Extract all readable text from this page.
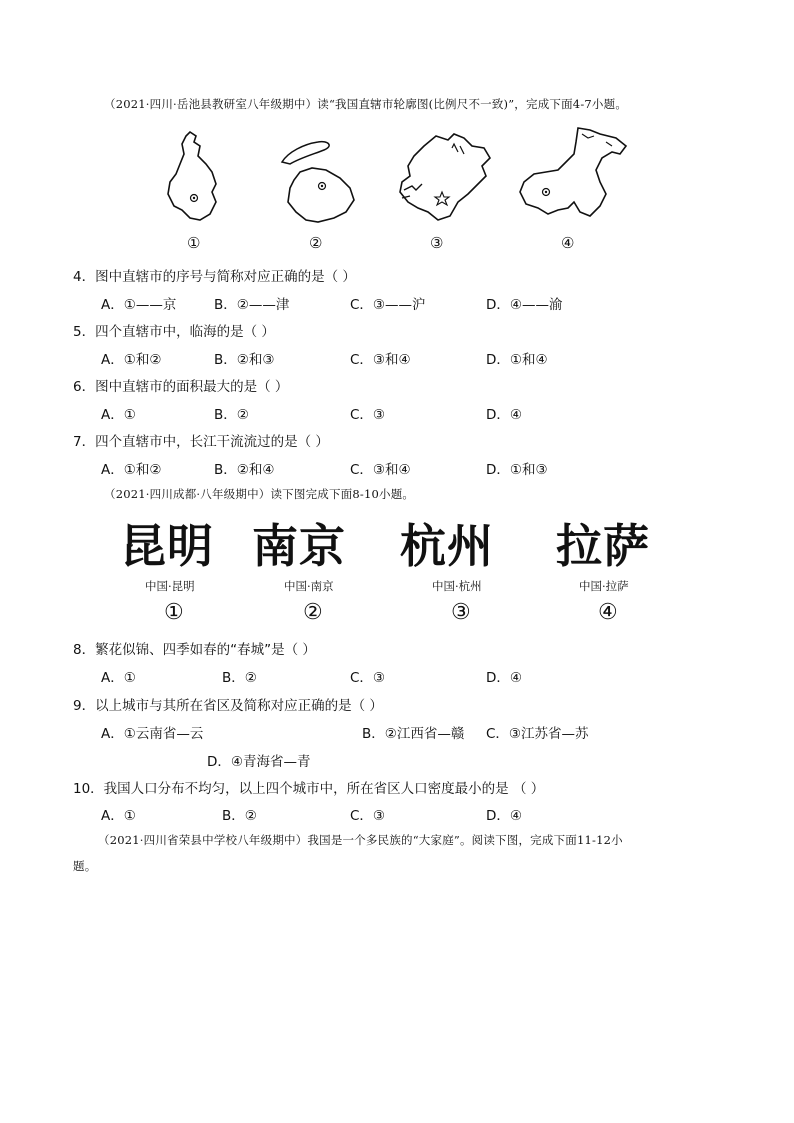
（2021·四川·岳池县教研室八年级期中）读“我国直辖市轮廓图(比例尺不一致)”，完成下面4-7小题。
①	②	③	④
4．图中直辖市的序号与简称对应正确的是（ ）
A．①——京	B．②——津	C．③——沪	D．④——渝
5．四个直辖市中，临海的是（ ）
A．①和②	B．②和③	C．③和④	D．①和④
6．图中直辖市的面积最大的是（ ）
A．①	B．②	C．③	D．④
7．四个直辖市中，长江干流流过的是（ ）
A．①和②	B．②和④	C．③和④	D．①和③
（2021·四川成都·八年级期中）读下图完成下面8-10小题。
昆明 南京 杭州 拉萨
中国·昆明	中国·南京	中国·杭州	中国·拉萨
①	②	③	④
8．繁花似锦、四季如春的“春城”是（ ）
A．①	B．②	C．③	D．④
9．以上城市与其所在省区及简称对应正确的是（ ）
A．①云南省—云	B．②江西省—赣 C．③江苏省—苏
D．④青海省—青
10．我国人口分布不均匀，以上四个城市中，所在省区人口密度最小的是 （ ）
A．①	B．②	C．③	D．④
（2021·四川省荣县中学校八年级期中）我国是一个多民族的“大家庭”。阅读下图，完成下面11-12小
题。
